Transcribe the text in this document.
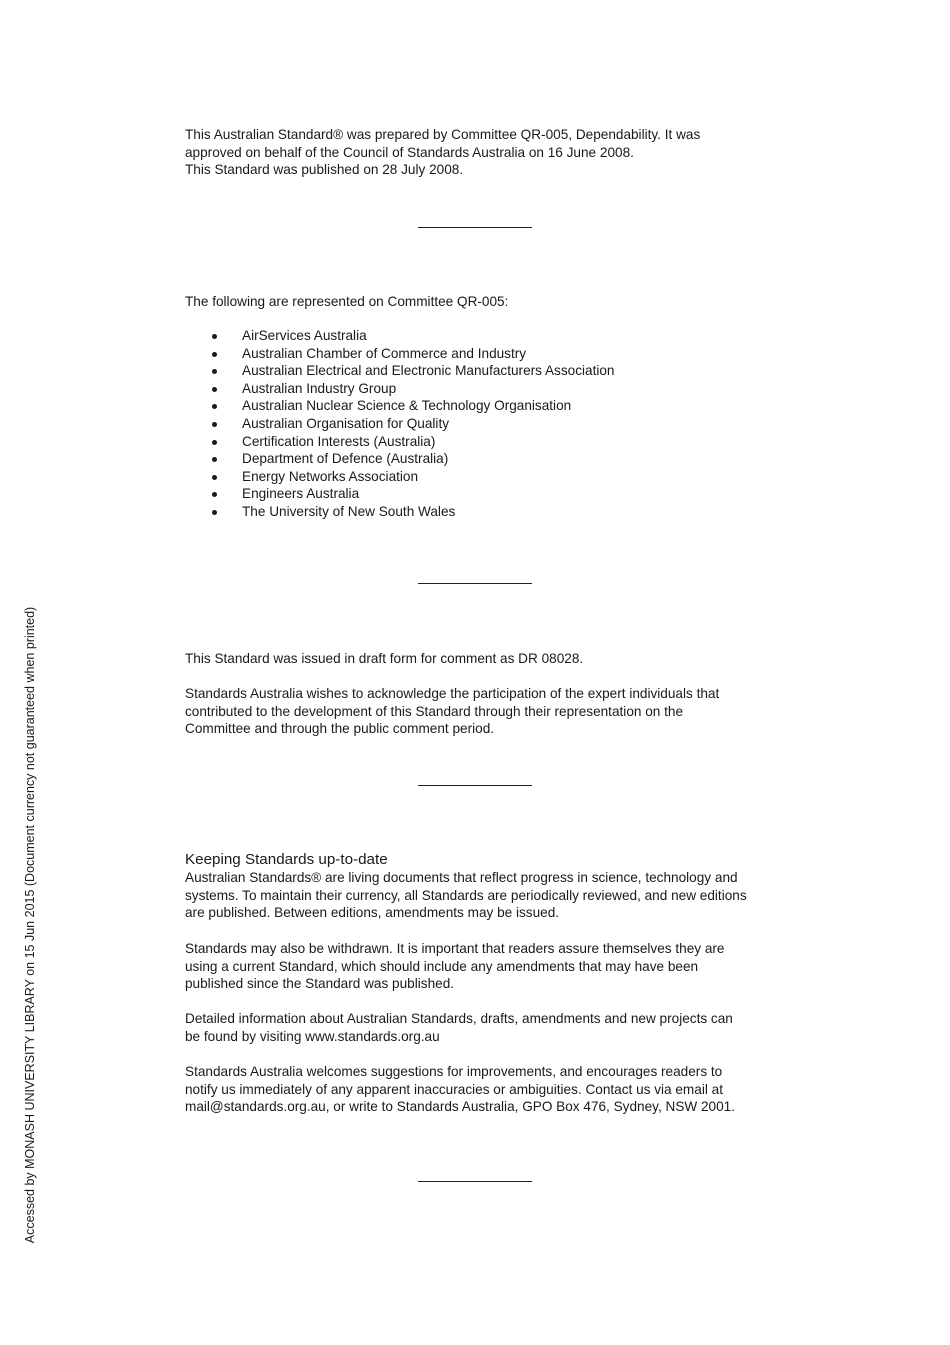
This Australian Standard® was prepared by Committee QR-005, Dependability. It was

approved on behalf of the Council of Standards Australia on 16 June 2008.

This Standard was published on 28 July 2008.

The following are represented on Committee QR-005:

AirServices Australia
Australian Chamber of Commerce and Industry
Australian Electrical and Electronic Manufacturers Association
Australian Industry Group
Australian Nuclear Science & Technology Organisation
Australian Organisation for Quality
Certification Interests (Australia)
Department of Defence (Australia)
Energy Networks Association
Engineers Australia
The University of New South Wales

This Standard was issued in draft form for comment as DR 08028.

Standards Australia wishes to acknowledge the participation of the expert individuals that

contributed to the development of this Standard through their representation on the

Committee and through the public comment period.

Keeping Standards up-to-date

Australian Standards® are living documents that reflect progress in science, technology and

systems. To maintain their currency, all Standards are periodically reviewed, and new editions

are published. Between editions, amendments may be issued.

Standards may also be withdrawn. It is important that readers assure themselves they are

using a current Standard, which should include any amendments that may have been

published since the Standard was published.

Detailed information about Australian Standards, drafts, amendments and new projects can

be found by visiting www.standards.org.au

Standards Australia welcomes suggestions for improvements, and encourages readers to

notify us immediately of any apparent inaccuracies or ambiguities. Contact us via email at

mail@standards.org.au, or write to Standards Australia, GPO Box 476, Sydney, NSW 2001.

Accessed by MONASH UNIVERSITY LIBRARY on 15 Jun 2015 (Document currency not guaranteed when printed)
